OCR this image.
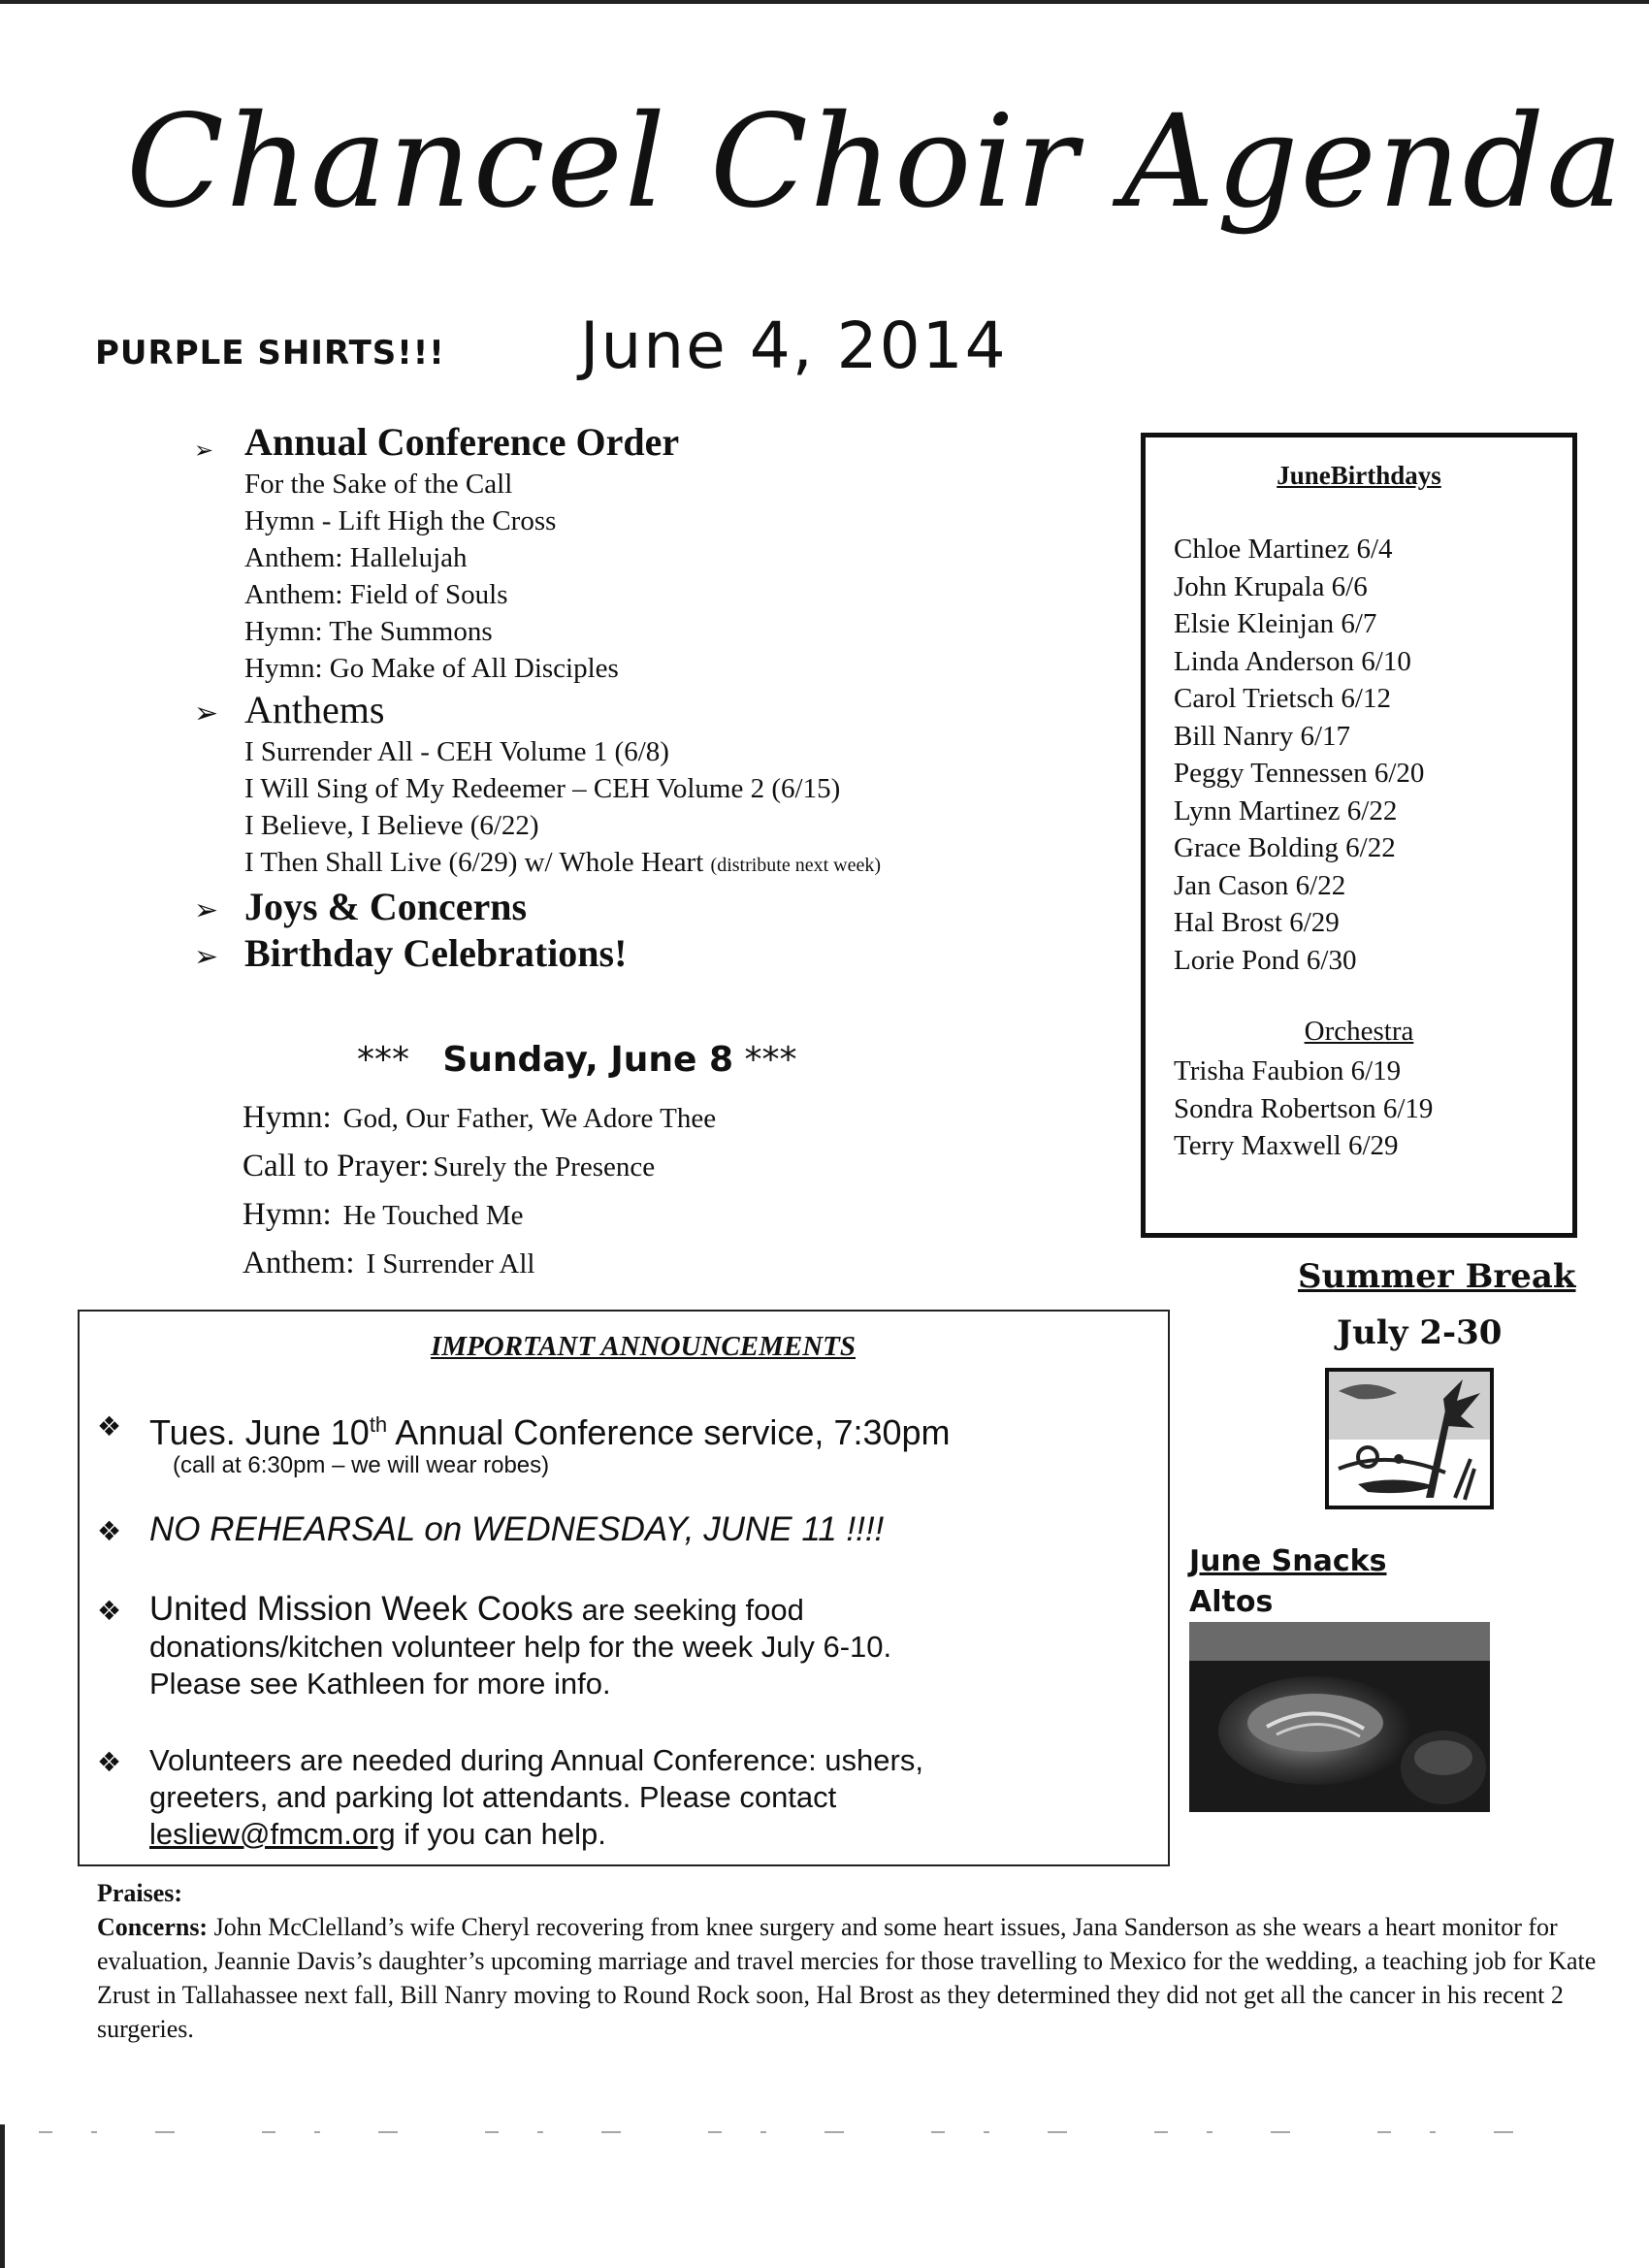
Chancel Choir Agenda
PURPLE SHIRTS!!! June 4, 2014
➢ Annual Conference Order
For the Sake of the Call
Hymn - Lift High the Cross
Anthem: Hallelujah
Anthem: Field of Souls
Hymn: The Summons
Hymn: Go Make of All Disciples
➢ Anthems
I Surrender All - CEH Volume 1 (6/8)
I Will Sing of My Redeemer – CEH Volume 2 (6/15)
I Believe, I Believe (6/22)
I Then Shall Live (6/29) w/ Whole Heart (distribute next week)
➢ Joys & Concerns
➢ Birthday Celebrations!
*** Sunday, June 8 ***
Hymn: God, Our Father, We Adore Thee
Call to Prayer: Surely the Presence
Hymn: He Touched Me
Anthem: I Surrender All
JuneBirthdays
Chloe Martinez 6/4
John Krupala 6/6
Elsie Kleinjan 6/7
Linda Anderson 6/10
Carol Trietsch 6/12
Bill Nanry 6/17
Peggy Tennessen 6/20
Lynn Martinez 6/22
Grace Bolding 6/22
Jan Cason 6/22
Hal Brost 6/29
Lorie Pond 6/30
Orchestra
Trisha Faubion 6/19
Sondra Robertson 6/19
Terry Maxwell 6/29
Summer Break
July 2-30
June Snacks
Altos
IMPORTANT ANNOUNCEMENTS
❖ Tues. June 10th Annual Conference service, 7:30pm
(call at 6:30pm – we will wear robes)
❖ NO REHEARSAL on WEDNESDAY, JUNE 11 !!!!
❖ United Mission Week Cooks are seeking food
donations/kitchen volunteer help for the week July 6-10.
Please see Kathleen for more info.
❖ Volunteers are needed during Annual Conference: ushers,
greeters, and parking lot attendants. Please contact
lesliew@fmcm.org if you can help.
Praises:
Concerns: John McClelland’s wife Cheryl recovering from knee surgery and some heart issues, Jana Sanderson as she wears a heart monitor for evaluation, Jeannie Davis’s daughter’s upcoming marriage and travel mercies for those travelling to Mexico for the wedding, a teaching job for Kate Zrust in Tallahassee next fall, Bill Nanry moving to Round Rock soon, Hal Brost as they determined they did not get all the cancer in his recent 2 surgeries.
